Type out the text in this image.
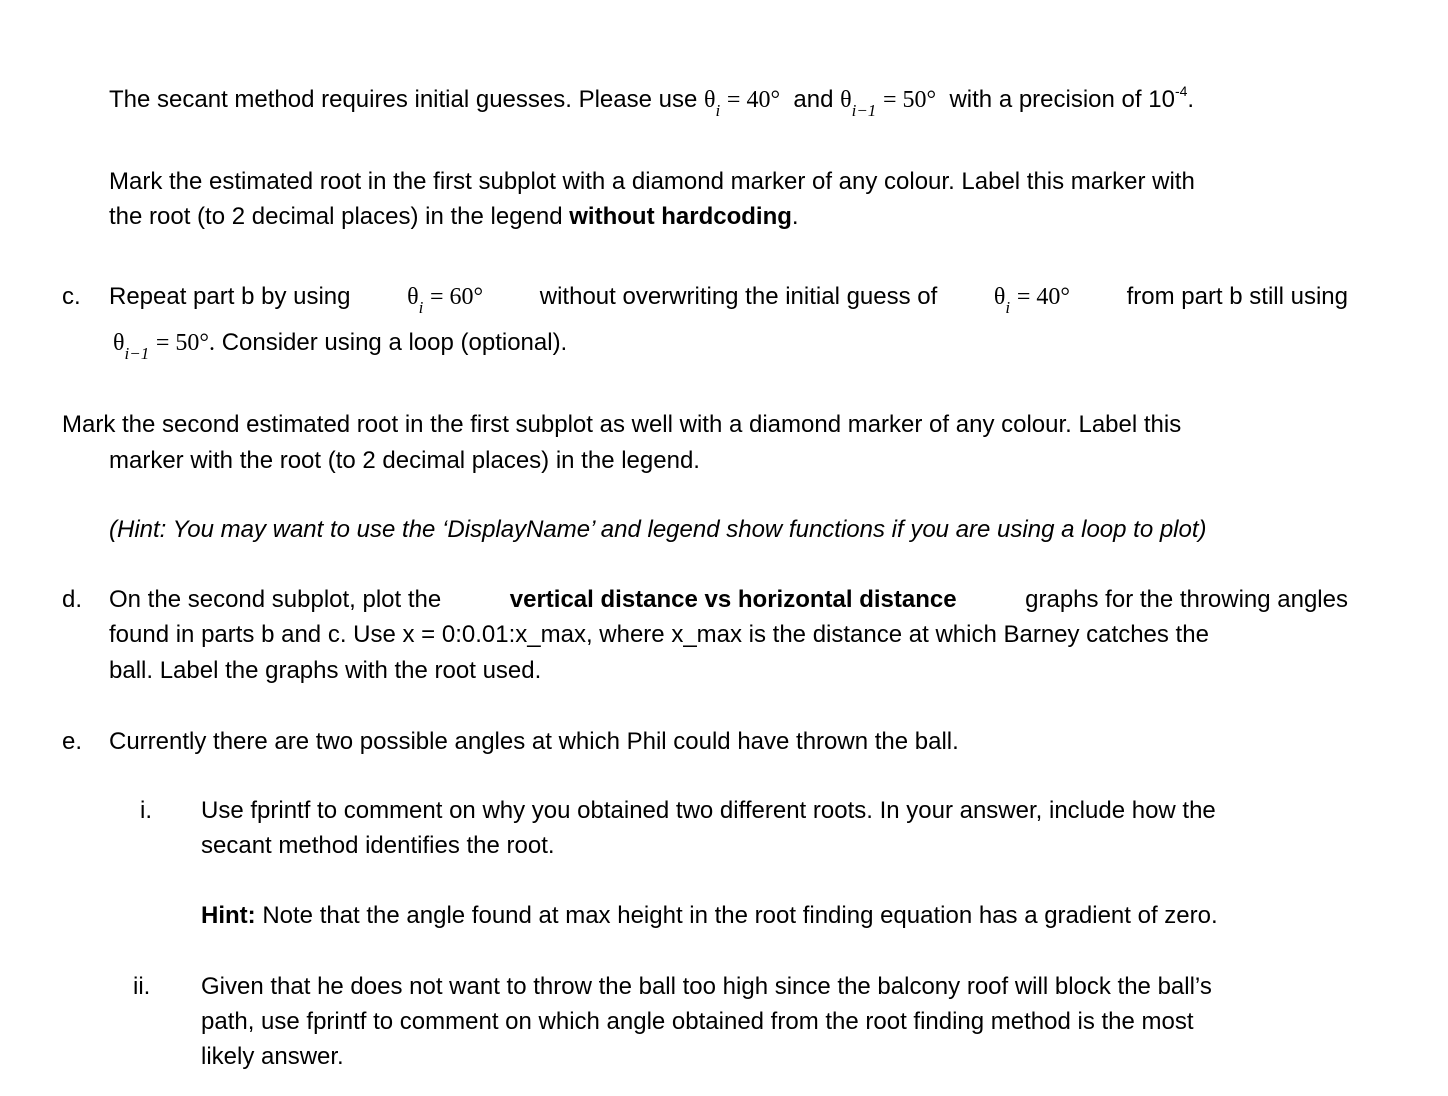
The secant method requires initial guesses. Please use $\theta_i = 40^\circ$ and $\theta_{i-1} = 50^\circ$ with a precision of $10^{-4}$.
Mark the estimated root in the first subplot with a diamond marker of any colour. Label this marker with
the root (to 2 decimal places) in the legend without hardcoding.
c. Repeat part b by using $\theta_i = 60^\circ$ without overwriting the initial guess of $\theta_i = 40^\circ$ from part b still using
$\theta_{i-1} = 50^\circ$. Consider using a loop (optional).
Mark the second estimated root in the first subplot as well with a diamond marker of any colour. Label this
marker with the root (to 2 decimal places) in the legend.
(Hint: You may want to use the ‘DisplayName’ and legend show functions if you are using a loop to plot)
d. On the second subplot, plot the	vertical distance vs horizontal distance	graphs for the throwing angles
found in parts b and c. Use x = 0:0.01:x_max, where x_max is the distance at which Barney catches the
ball. Label the graphs with the root used.
e. Currently there are two possible angles at which Phil could have thrown the ball.
i. Use fprintf to comment on why you obtained two different roots. In your answer, include how the
secant method identifies the root.
Hint: Note that the angle found at max height in the root finding equation has a gradient of zero.
ii. Given that he does not want to throw the ball too high since the balcony roof will block the ball’s
path, use fprintf to comment on which angle obtained from the root finding method is the most
likely answer.
